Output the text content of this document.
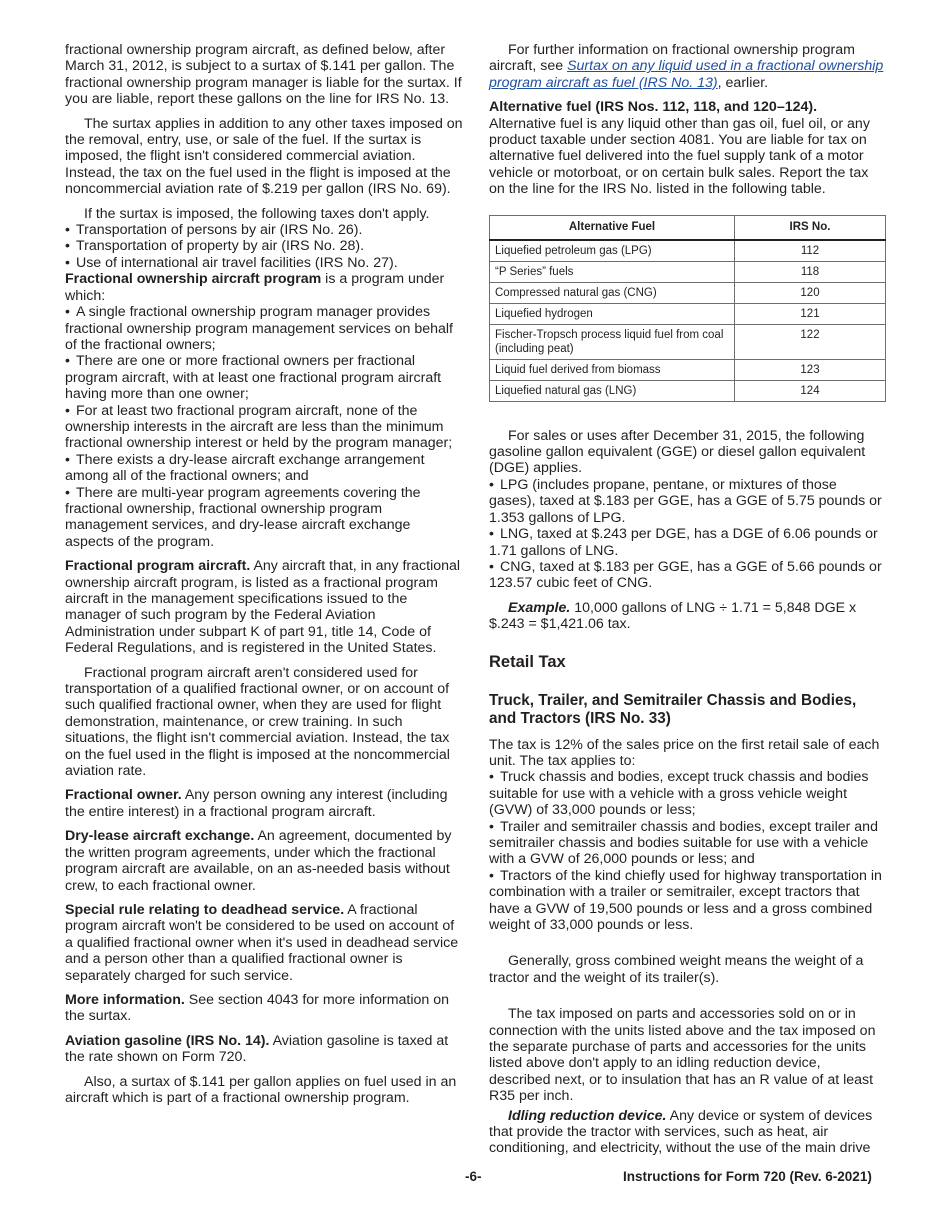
fractional ownership program aircraft, as defined below, after March 31, 2012, is subject to a surtax of $.141 per gallon. The fractional ownership program manager is liable for the surtax. If you are liable, report these gallons on the line for IRS No. 13.

The surtax applies in addition to any other taxes imposed on the removal, entry, use, or sale of the fuel. If the surtax is imposed, the flight isn't considered commercial aviation. Instead, the tax on the fuel used in the flight is imposed at the noncommercial aviation rate of $.219 per gallon (IRS No. 69).

If the surtax is imposed, the following taxes don't apply.

• Transportation of persons by air (IRS No. 26).

• Transportation of property by air (IRS No. 28).

• Use of international air travel facilities (IRS No. 27).

Fractional ownership aircraft program is a program under which:

• A single fractional ownership program manager provides fractional ownership program management services on behalf of the fractional owners;

• There are one or more fractional owners per fractional program aircraft, with at least one fractional program aircraft having more than one owner;

• For at least two fractional program aircraft, none of the ownership interests in the aircraft are less than the minimum fractional ownership interest or held by the program manager;

• There exists a dry-lease aircraft exchange arrangement among all of the fractional owners; and

• There are multi-year program agreements covering the fractional ownership, fractional ownership program management services, and dry-lease aircraft exchange aspects of the program.

Fractional program aircraft. Any aircraft that, in any fractional ownership aircraft program, is listed as a fractional program aircraft in the management specifications issued to the manager of such program by the Federal Aviation Administration under subpart K of part 91, title 14, Code of Federal Regulations, and is registered in the United States.

Fractional program aircraft aren't considered used for transportation of a qualified fractional owner, or on account of such qualified fractional owner, when they are used for flight demonstration, maintenance, or crew training. In such situations, the flight isn't commercial aviation. Instead, the tax on the fuel used in the flight is imposed at the noncommercial aviation rate.

Fractional owner. Any person owning any interest (including the entire interest) in a fractional program aircraft.

Dry-lease aircraft exchange. An agreement, documented by the written program agreements, under which the fractional program aircraft are available, on an as-needed basis without crew, to each fractional owner.

Special rule relating to deadhead service. A fractional program aircraft won't be considered to be used on account of a qualified fractional owner when it's used in deadhead service and a person other than a qualified fractional owner is separately charged for such service.

More information. See section 4043 for more information on the surtax.

Aviation gasoline (IRS No. 14). Aviation gasoline is taxed at the rate shown on Form 720.

Also, a surtax of $.141 per gallon applies on fuel used in an aircraft which is part of a fractional ownership program.

For further information on fractional ownership program aircraft, see Surtax on any liquid used in a fractional ownership program aircraft as fuel (IRS No. 13), earlier.

Alternative fuel (IRS Nos. 112, 118, and 120–124).

Alternative fuel is any liquid other than gas oil, fuel oil, or any product taxable under section 4081. You are liable for tax on alternative fuel delivered into the fuel supply tank of a motor vehicle or motorboat, or on certain bulk sales. Report the tax on the line for the IRS No. listed in the following table.

Alternative Fuel	IRS No.
Liquefied petroleum gas (LPG)	112
“P Series” fuels	118
Compressed natural gas (CNG)	120
Liquefied hydrogen	121
Fischer-Tropsch process liquid fuel from coal (including peat)	122
Liquid fuel derived from biomass	123
Liquefied natural gas (LNG)	124

For sales or uses after December 31, 2015, the following gasoline gallon equivalent (GGE) or diesel gallon equivalent (DGE) applies.

• LPG (includes propane, pentane, or mixtures of those gases), taxed at $.183 per GGE, has a GGE of 5.75 pounds or 1.353 gallons of LPG.

• LNG, taxed at $.243 per DGE, has a DGE of 6.06 pounds or 1.71 gallons of LNG.

• CNG, taxed at $.183 per GGE, has a GGE of 5.66 pounds or 123.57 cubic feet of CNG.

Example. 10,000 gallons of LNG ÷ 1.71 = 5,848 DGE x $.243 = $1,421.06 tax.

Retail Tax
Truck, Trailer, and Semitrailer Chassis and Bodies, and Tractors (IRS No. 33)

The tax is 12% of the sales price on the first retail sale of each unit. The tax applies to:

• Truck chassis and bodies, except truck chassis and bodies suitable for use with a vehicle with a gross vehicle weight (GVW) of 33,000 pounds or less;

• Trailer and semitrailer chassis and bodies, except trailer and semitrailer chassis and bodies suitable for use with a vehicle with a GVW of 26,000 pounds or less; and

• Tractors of the kind chiefly used for highway transportation in combination with a trailer or semitrailer, except tractors that have a GVW of 19,500 pounds or less and a gross combined weight of 33,000 pounds or less.

Generally, gross combined weight means the weight of a tractor and the weight of its trailer(s).

The tax imposed on parts and accessories sold on or in connection with the units listed above and the tax imposed on the separate purchase of parts and accessories for the units listed above don't apply to an idling reduction device, described next, or to insulation that has an R value of at least R35 per inch.

Idling reduction device. Any device or system of devices that provide the tractor with services, such as heat, air conditioning, and electricity, without the use of the main drive

-6-	Instructions for Form 720 (Rev. 6-2021)
